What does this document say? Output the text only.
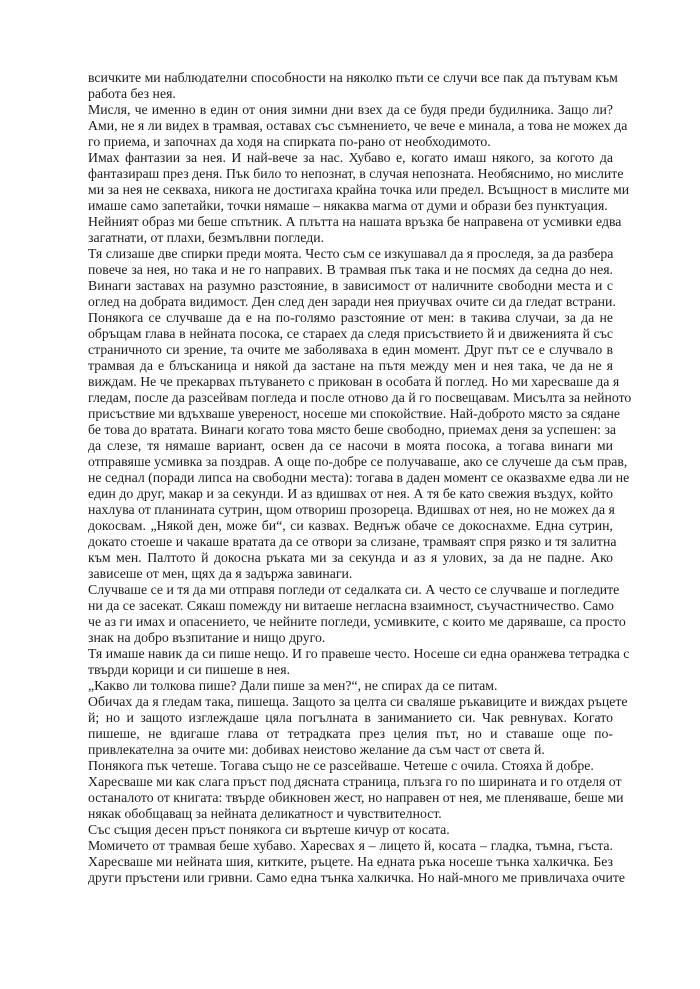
всичките ми наблюдателни способности на няколко пъти се случи все пак да пътувам към
работа без нея.
Мисля, че именно в един от ония зимни дни взех да се будя преди будилника. Защо ли?
Ами, не я ли видех в трамвая, оставах със съмнението, че вече е минала, а това не можех да
го приема, и започнах да ходя на спирката по-рано от необходимото.
Имах фантазии за нея. И най-вече за нас. Хубаво е, когато имаш някого, за когото да
фантазираш през деня. Пък било то непознат, в случая непозната. Необяснимо, но мислите
ми за нея не секваха, никога не достигаха крайна точка или предел. Всъщност в мислите ми
имаше само запетайки, точки нямаше – някаква магма от думи и образи без пунктуация.
Нейният образ ми беше спътник. А плътта на нашата връзка бе направена от усмивки едва
загатнати, от плахи, безмълвни погледи.
Тя слизаше две спирки преди моята. Често съм се изкушавал да я проследя, за да разбера
повече за нея, но така и не го направих. В трамвая пък така и не посмях да седна до нея.
Винаги заставах на разумно разстояние, в зависимост от наличните свободни места и с
оглед на добрата видимост. Ден след ден заради нея приучвах очите си да гледат встрани.
Понякога се случваше да е на по-голямо разстояние от мен: в такива случаи, за да не
обръщам глава в нейната посока, се стараех да следя присъствието й и движенията й със
страничното си зрение, та очите ме заболяваха в един момент. Друг път се е случвало в
трамвая да е блъсканица и някой да застане на пътя между мен и нея така, че да не я
виждам. Не че прекарвах пътуването с прикован в особата й поглед. Но ми харесваше да я
гледам, после да разсейвам погледа и после отново да й го посвещавам. Мисълта за нейното
присъствие ми вдъхваше увереност, носеше ми спокойствие. Най-доброто място за сядане
бе това до вратата. Винаги когато това място беше свободно, приемах деня за успешен: за
да слезе, тя нямаше вариант, освен да се насочи в моята посока, а тогава винаги ми
отправяше усмивка за поздрав. А още по-добре се получаваше, ако се случеше да съм прав,
не седнал (поради липса на свободни места): тогава в даден момент се оказвахме едва ли не
един до друг, макар и за секунди. И аз вдишвах от нея. А тя бе като свежия въздух, който
нахлува от планината сутрин, щом отвориш прозореца. Вдишвах от нея, но не можех да я
докосвам. „Някой ден, може би“, си казвах. Веднъж обаче се докоснахме. Една сутрин,
докато стоеше и чакаше вратата да се отвори за слизане, трамваят спря рязко и тя залитна
към мен. Палтото й докосна ръката ми за секунда и аз я улових, за да не падне. Ако
зависеше от мен, щях да я задържа завинаги.
Случваше се и тя да ми отправя погледи от седалката си. А често се случваше и погледите
ни да се засекат. Сякаш помежду ни витаеше негласна взаимност, съучастничество. Само
че аз ги имах и опасението, че нейните погледи, усмивките, с които ме даряваше, са просто
знак на добро възпитание и нищо друго.
Тя имаше навик да си пише нещо. И го правеше често. Носеше си една оранжева тетрадка с
твърди корици и си пишеше в нея.
„Какво ли толкова пише? Дали пише за мен?“, не спирах да се питам.
Обичах да я гледам така, пишеща. Защото за целта си сваляше ръкавиците и виждах ръцете
й; но и защото изглеждаше цяла погълната в заниманието си. Чак ревнувах. Когато
пишеше, не вдигаше глава от тетрадката през целия път, но и ставаше още по-
привлекателна за очите ми: добивах неистово желание да съм част от света й.
Понякога пък четеше. Тогава също не се разсейваше. Четеше с очила. Стояха й добре.
Харесваше ми как слага пръст под дясната страница, плъзга го по ширината и го отделя от
останалото от книгата: твърде обикновен жест, но направен от нея, ме пленяваше, беше ми
някак обобщаващ за нейната деликатност и чувствителност.
Със същия десен пръст понякога си въртеше кичур от косата.
Момичето от трамвая беше хубаво. Харесвах я – лицето й, косата – гладка, тъмна, гъста.
Харесваше ми нейната шия, китките, ръцете. На едната ръка носеше тънка халкичка. Без
други пръстени или гривни. Само една тънка халкичка. Но най-много ме привличаха очите
